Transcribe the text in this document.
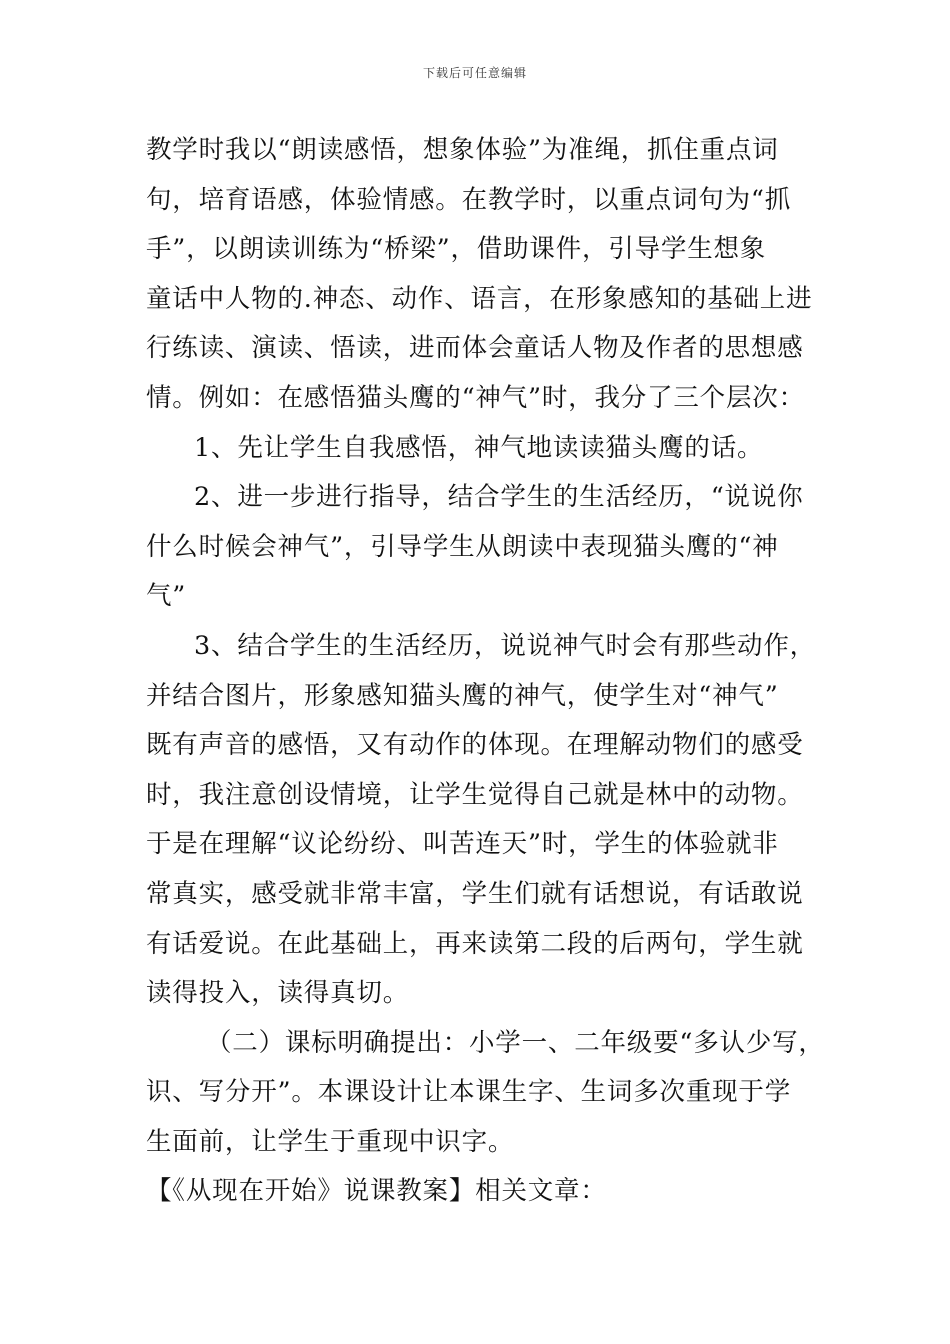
下载后可任意编辑
教学时我以“朗读感悟，想象体验”为准绳，抓住重点词
句，培育语感，体验情感。在教学时，以重点词句为“抓
手”，以朗读训练为“桥梁”，借助课件，引导学生想象
童话中人物的.神态、动作、语言，在形象感知的基础上进
行练读、演读、悟读，进而体会童话人物及作者的思想感
情。例如：在感悟猫头鹰的“神气”时，我分了三个层次：
1、先让学生自我感悟，神气地读读猫头鹰的话。
2、进一步进行指导，结合学生的生活经历，“说说你
什么时候会神气”，引导学生从朗读中表现猫头鹰的“神
气”
3、结合学生的生活经历，说说神气时会有那些动作，
并结合图片，形象感知猫头鹰的神气，使学生对“神气”
既有声音的感悟，又有动作的体现。在理解动物们的感受
时，我注意创设情境，让学生觉得自己就是林中的动物。
于是在理解“议论纷纷、叫苦连天”时，学生的体验就非
常真实，感受就非常丰富，学生们就有话想说，有话敢说
有话爱说。在此基础上，再来读第二段的后两句，学生就
读得投入，读得真切。
（二）课标明确提出：小学一、二年级要“多认少写，
识、写分开”。本课设计让本课生字、生词多次重现于学
生面前，让学生于重现中识字。
【《从现在开始》说课教案】相关文章：
